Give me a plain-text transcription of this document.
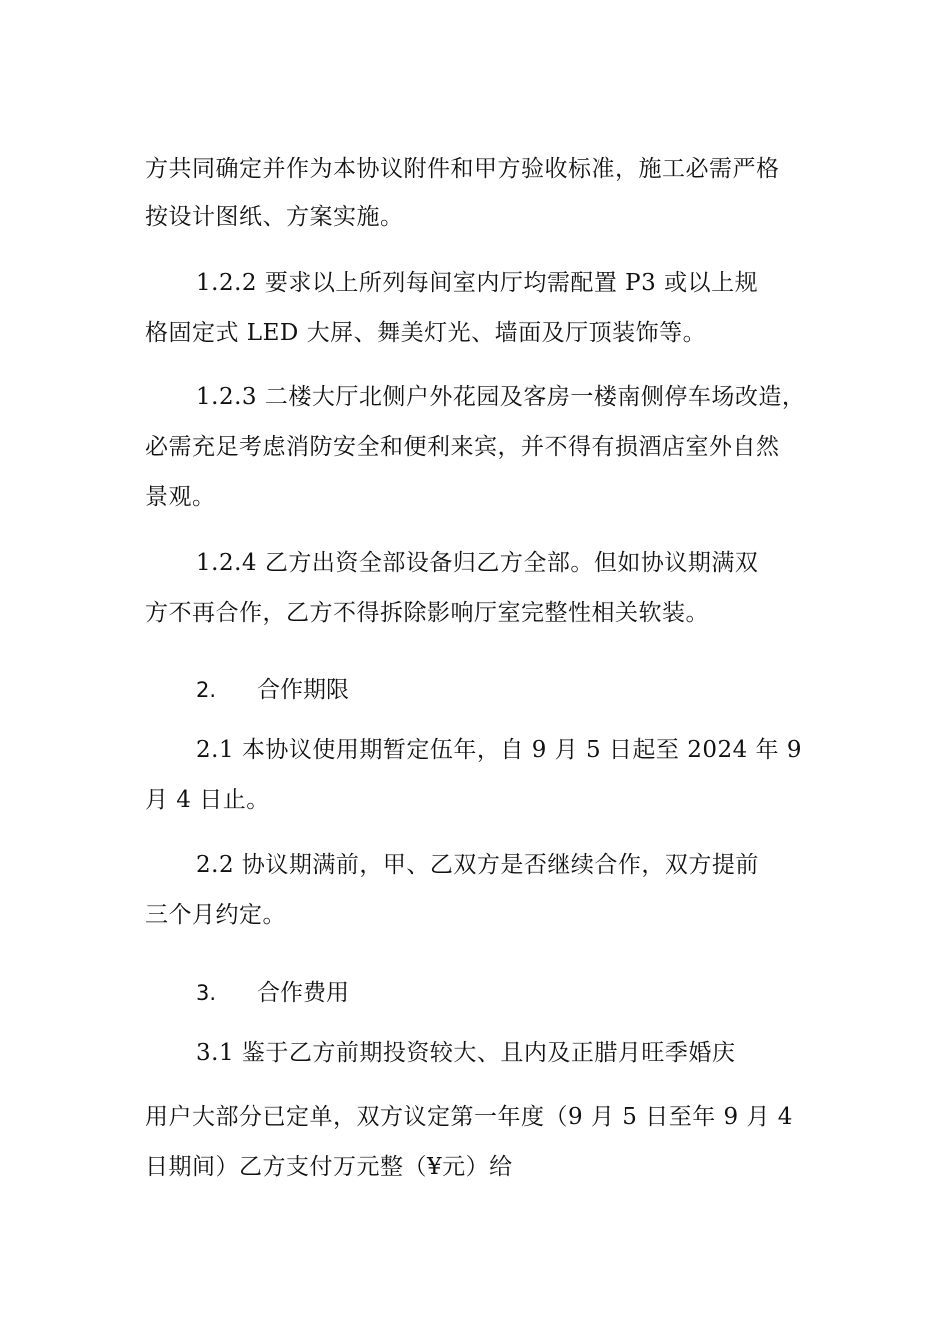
方共同确定并作为本协议附件和甲方验收标准，施工必需严格
按设计图纸、方案实施。
1.2.2 要求以上所列每间室内厅均需配置 P3 或以上规
格固定式 LED 大屏、舞美灯光、墙面及厅顶装饰等。
1.2.3 二楼大厅北侧户外花园及客房一楼南侧停车场改造，
必需充足考虑消防安全和便利来宾，并不得有损酒店室外自然
景观。
1.2.4 乙方出资全部设备归乙方全部。但如协议期满双
方不再合作，乙方不得拆除影响厅室完整性相关软装。
2. 合作期限
2.1 本协议使用期暂定伍年，自 9 月 5 日起至 2024 年 9
月 4 日止。
2.2 协议期满前，甲、乙双方是否继续合作，双方提前
三个月约定。
3. 合作费用
3.1 鉴于乙方前期投资较大、且内及正腊月旺季婚庆
用户大部分已定单，双方议定第一年度（9 月 5 日至年 9 月 4
日期间）乙方支付万元整（¥元）给
